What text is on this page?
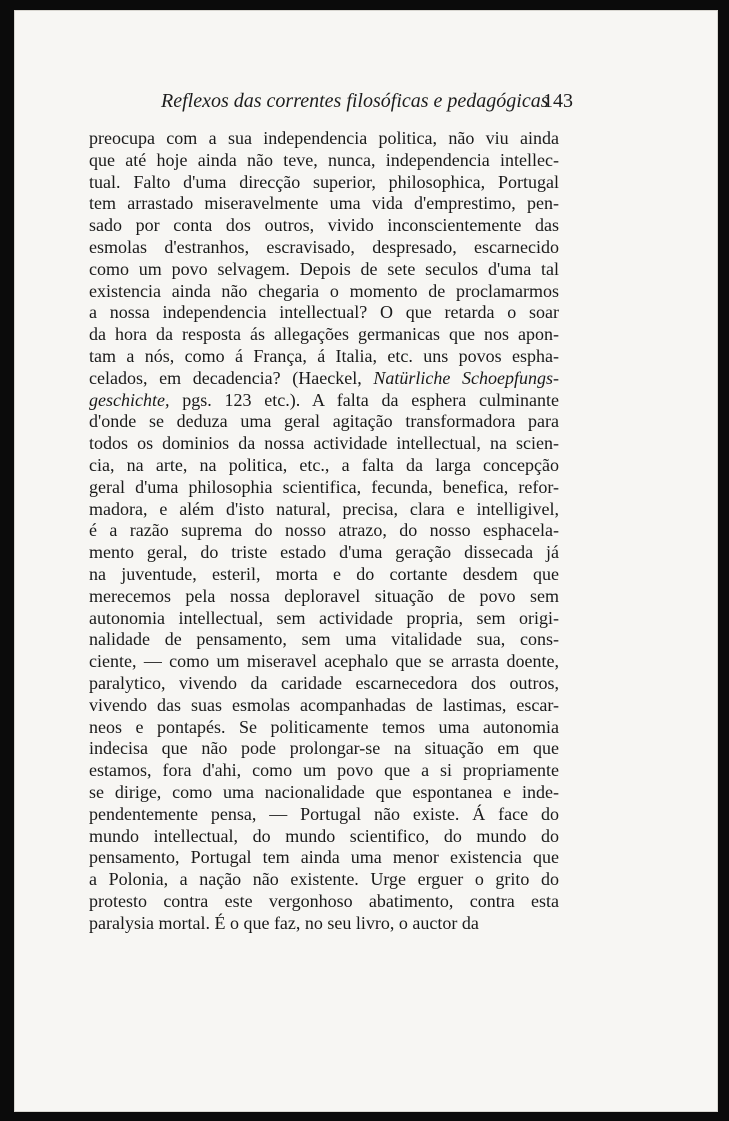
Reflexos das correntes filosóficas e pedagógicas
143
preocupa com a sua independencia politica, não viu ainda
que até hoje ainda não teve, nunca, independencia intellec-
tual. Falto d'uma direcção superior, philosophica, Portugal
tem arrastado miseravelmente uma vida d'emprestimo, pen-
sado por conta dos outros, vivido inconscientemente das
esmolas d'estranhos, escravisado, despresado, escarnecido
como um povo selvagem. Depois de sete seculos d'uma tal
existencia ainda não chegaria o momento de proclamarmos
a nossa independencia intellectual? O que retarda o soar
da hora da resposta ás allegações germanicas que nos apon-
tam a nós, como á França, á Italia, etc. uns povos espha-
celados, em decadencia? (Haeckel, Natürliche Schoepfungs-
geschichte, pgs. 123 etc.). A falta da esphera culminante
d'onde se deduza uma geral agitação transformadora para
todos os dominios da nossa actividade intellectual, na scien-
cia, na arte, na politica, etc., a falta da larga concepção
geral d'uma philosophia scientifica, fecunda, benefica, refor-
madora, e além d'isto natural, precisa, clara e intelligivel,
é a razão suprema do nosso atrazo, do nosso esphacela-
mento geral, do triste estado d'uma geração dissecada já
na juventude, esteril, morta e do cortante desdem que
merecemos pela nossa deploravel situação de povo sem
autonomia intellectual, sem actividade propria, sem origi-
nalidade de pensamento, sem uma vitalidade sua, cons-
ciente, — como um miseravel acephalo que se arrasta doente,
paralytico, vivendo da caridade escarnecedora dos outros,
vivendo das suas esmolas acompanhadas de lastimas, escar-
neos e pontapés. Se politicamente temos uma autonomia
indecisa que não pode prolongar-se na situação em que
estamos, fora d'ahi, como um povo que a si propriamente
se dirige, como uma nacionalidade que espontanea e inde-
pendentemente pensa, — Portugal não existe. Á face do
mundo intellectual, do mundo scientifico, do mundo do
pensamento, Portugal tem ainda uma menor existencia que
a Polonia, a nação não existente. Urge erguer o grito do
protesto contra este vergonhoso abatimento, contra esta
paralysia mortal. É o que faz, no seu livro, o auctor da
